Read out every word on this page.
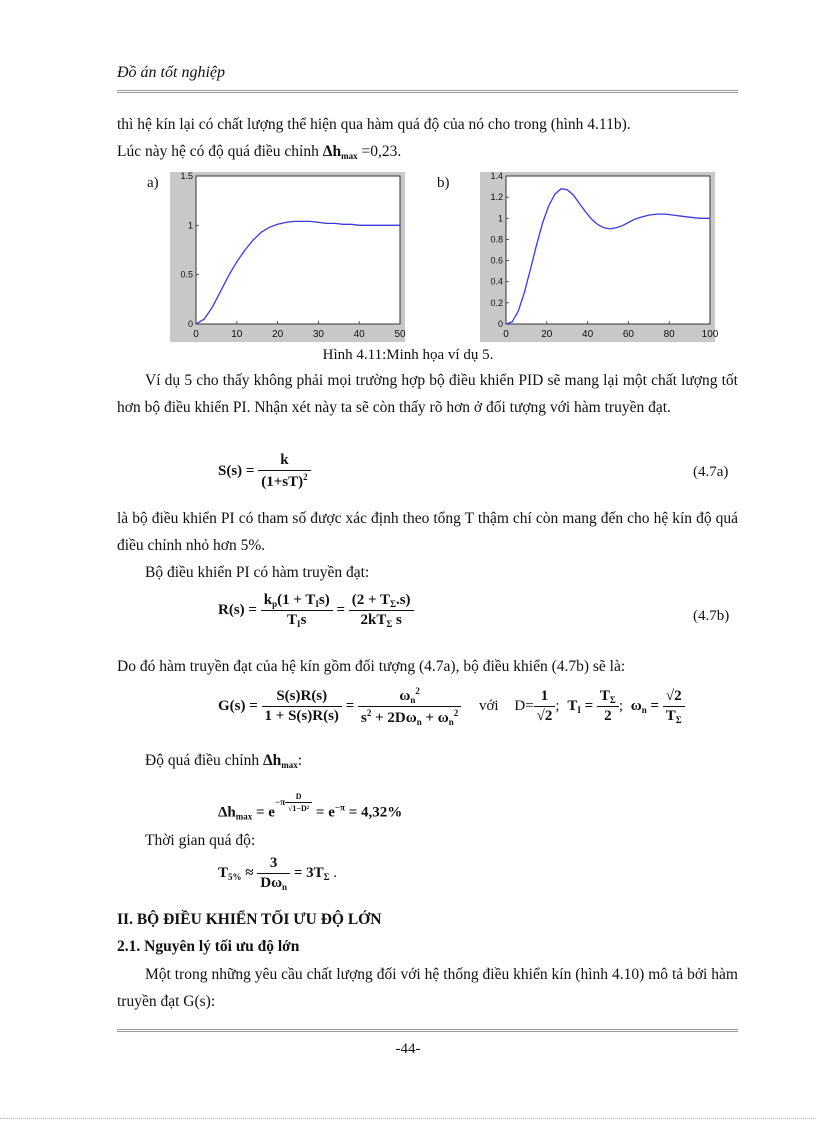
Đồ án tốt nghiệp
thì hệ kín lại có chất lượng thể hiện qua hàm quá độ của nó cho trong (hình 4.11b).
Lúc này hệ có độ quá điều chỉnh $\Delta h_{max} =0,23$.
a)	b)
0	10	20	30	40	50
0
0.5
1
1.5
0	20	40	60	80	100
0
0.2
0.4
0.6
0.8
1
1.2
1.4
Hình 4.11:Minh họa ví dụ 5.
Ví dụ 5 cho thấy không phải mọi trường hợp bộ điều khiển PID sẽ mang lại một chất lượng tốt hơn bộ điều khiển PI. Nhận xét này ta sẽ còn thấy rõ hơn ở đối tượng với hàm truyền đạt.
$S(s) = \frac{k}{(1+sT)^2}$	(4.7a)
là bộ điều khiển PI có tham số được xác định theo tổng T thậm chí còn mang đến cho hệ kín độ quá điều chỉnh nhỏ hơn 5%.
Bộ điều khiển PI có hàm truyền đạt:
$R(s) = \frac{k_p(1 + T_Is)}{T_Is} = \frac{(2 + T_\Sigma.s)}{2kT_\Sigma s}$	(4.7b)
Do đó hàm truyền đạt của hệ kín gồm đối tượng (4.7a), bộ điều khiển (4.7b) sẽ là:
$G(s) = \frac{S(s)R(s)}{1 + S(s)R(s)} = \frac{\omega_n^2}{s^2 + 2D\omega_n + \omega_n^2}$ với $D= \frac{1}{√2}$ ; $T_I = \frac{T_\Sigma}{2}$ ; $\omega_n = \frac{√2}{T_\Sigma}$
Độ quá điều chỉnh $\Delta h_{max}$:
$\Delta h_{max} = e^{-\pi \frac{D}{\text{√1−D²}}} = e^{-\pi} = 4,32\%$
Thời gian quá độ:
$T_{5\%} \approx \frac{3}{D\omega_n} = 3T_\Sigma$ .
II. BỘ ĐIỀU KHIỂN TỐI ƯU ĐỘ LỚN
2.1. Nguyên lý tối ưu độ lớn
Một trong những yêu cầu chất lượng đối với hệ thống điều khiển kín (hình 4.10) mô tả bởi hàm truyền đạt G(s):
-44-
